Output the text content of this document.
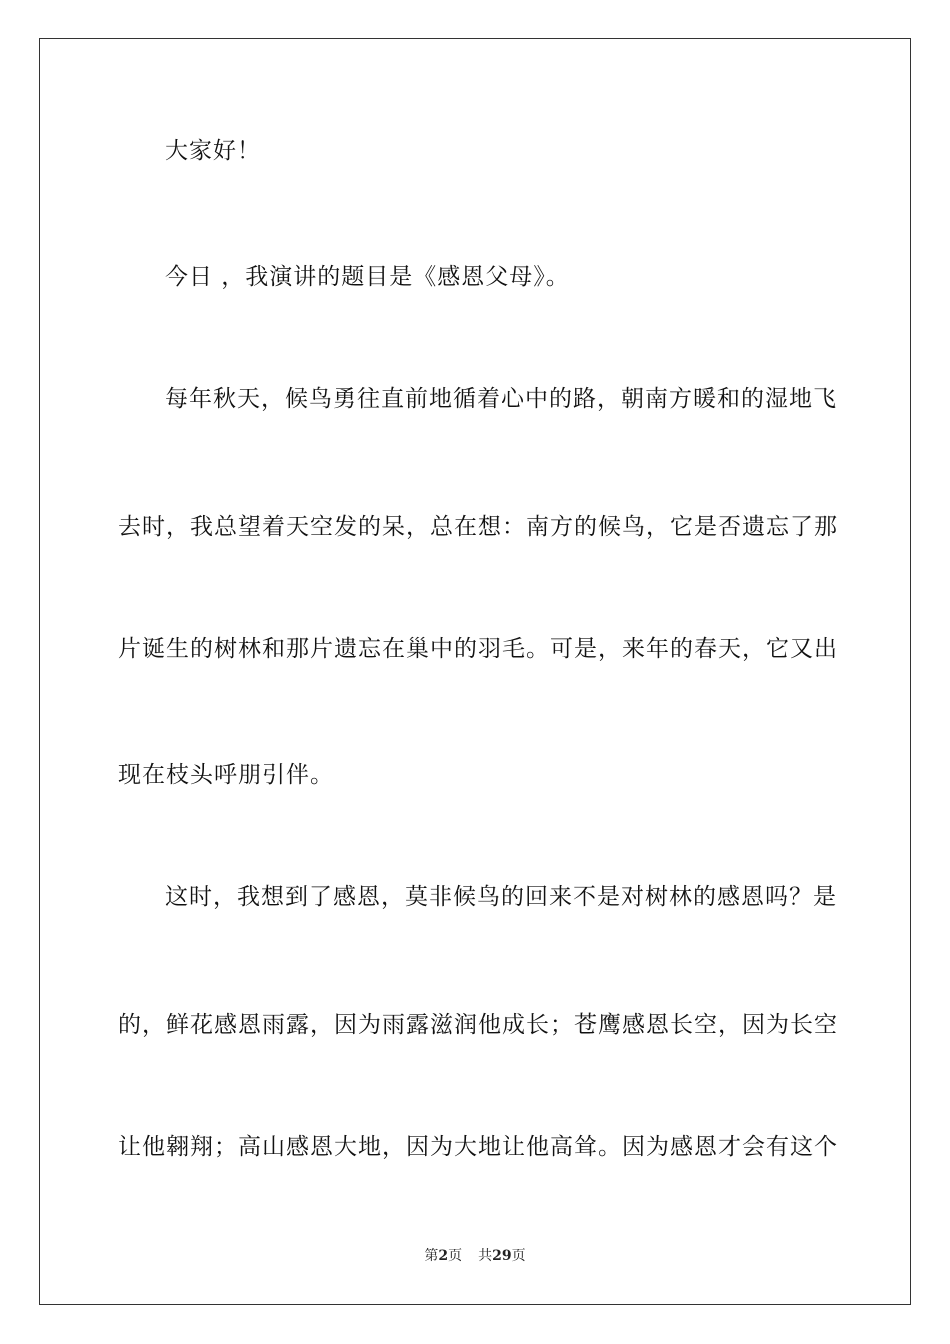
大家好！
今日 ，我演讲的题目是《感恩父母》。
每年秋天，候鸟勇往直前地循着心中的路，朝南方暖和的湿地飞
去时，我总望着天空发的呆，总在想：南方的候鸟，它是否遗忘了那
片诞生的树林和那片遗忘在巢中的羽毛。可是，来年的春天，它又出
现在枝头呼朋引伴。
这时，我想到了感恩，莫非候鸟的回来不是对树林的感恩吗？是
的，鲜花感恩雨露，因为雨露滋润他成长；苍鹰感恩长空，因为长空
让他翱翔；高山感恩大地，因为大地让他高耸。因为感恩才会有这个
第2页 共29页
